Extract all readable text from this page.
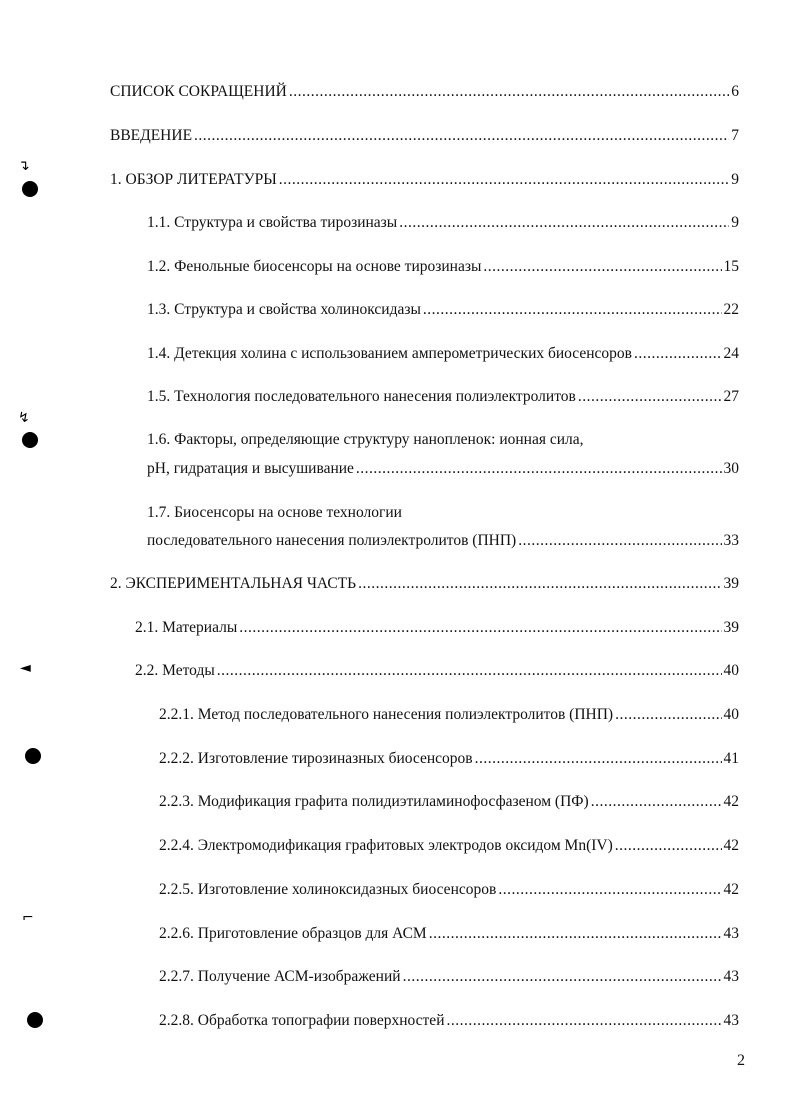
↴
↯
◄
⌐
СПИСОК СОКРАЩЕНИЙ .....	6
ВВЕДЕНИЕ .....	7
1. ОБЗОР ЛИТЕРАТУРЫ .....	9
1.1. Структура и свойства тирозиназы .....	9
1.2. Фенольные биосенсоры на основе тирозиназы .....	15
1.3. Структура и свойства холиноксидазы .....	22
1.4. Детекция холина с использованием амперометрических биосенсоров .....	24
1.5. Технология последовательного нанесения полиэлектролитов .....	27
1.6. Факторы, определяющие структуру нанопленок: ионная сила,
рН, гидратация и высушивание .....	30
1.7. Биосенсоры на основе технологии
последовательного нанесения полиэлектролитов (ПНП) .....	33
2. ЭКСПЕРИМЕНТАЛЬНАЯ ЧАСТЬ .....	39
2.1. Материалы .....	39
2.2. Методы .....	40
2.2.1. Метод последовательного нанесения полиэлектролитов (ПНП) .....	40
2.2.2. Изготовление тирозиназных биосенсоров .....	41
2.2.3. Модификация графита полидиэтиламинофосфазеном (ПФ) .....	42
2.2.4. Электромодификация графитовых электродов оксидом Mn(IV) .....	42
2.2.5. Изготовление холиноксидазных биосенсоров .....	42
2.2.6. Приготовление образцов для АСМ .....	43
2.2.7. Получение АСМ-изображений .....	43
2.2.8. Обработка топографии поверхностей .....	43
2
